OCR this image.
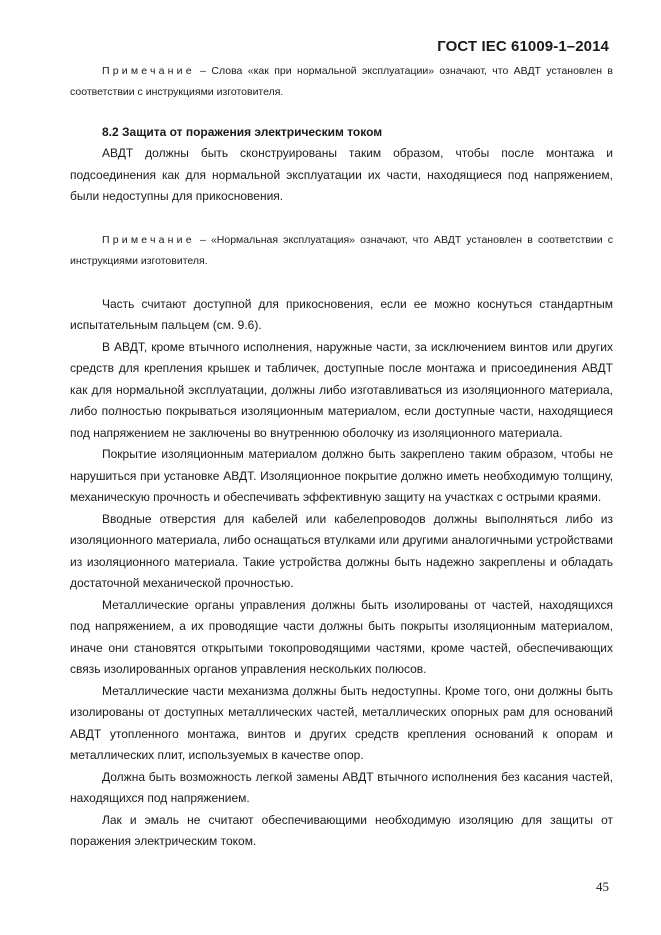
ГОСТ IEC 61009-1–2014

Примечание – Слова «как при нормальной эксплуатации» означают, что АВДТ установлен в соответствии с инструкциями изготовителя.

8.2 Защита от поражения электрическим током

АВДТ должны быть сконструированы таким образом, чтобы после монтажа и подсоединения как для нормальной эксплуатации их части, находящиеся под напряжением, были недоступны для прикосновения.

Примечание – «Нормальная эксплуатация» означают, что АВДТ установлен в соответствии с инструкциями изготовителя.

Часть считают доступной для прикосновения, если ее можно коснуться стандартным испытательным пальцем (см. 9.6).

В АВДТ, кроме втычного исполнения, наружные части, за исключением винтов или других средств для крепления крышек и табличек, доступные после монтажа и присоединения АВДТ как для нормальной эксплуатации, должны либо изготавливаться из изоляционного материала, либо полностью покрываться изоляционным материалом, если доступные части, находящиеся под напряжением не заключены во внутреннюю оболочку из изоляционного материала.

Покрытие изоляционным материалом должно быть закреплено таким образом, чтобы не нарушиться при установке АВДТ. Изоляционное покрытие должно иметь необходимую толщину, механическую прочность и обеспечивать эффективную защиту на участках с острыми краями.

Вводные отверстия для кабелей или кабелепроводов должны выполняться либо из изоляционного материала, либо оснащаться втулками или другими аналогичными устройствами из изоляционного материала. Такие устройства должны быть надежно закреплены и обладать достаточной механической прочностью.

Металлические органы управления должны быть изолированы от частей, находящихся под напряжением, а их проводящие части должны быть покрыты изоляционным материалом, иначе они становятся открытыми токопроводящими частями, кроме частей, обеспечивающих связь изолированных органов управления нескольких полюсов.

Металлические части механизма должны быть недоступны. Кроме того, они должны быть изолированы от доступных металлических частей, металлических опорных рам для оснований АВДТ утопленного монтажа, винтов и других средств крепления оснований к опорам и металлических плит, используемых в качестве опор.

Должна быть возможность легкой замены АВДТ втычного исполнения без касания частей, находящихся под напряжением.

Лак и эмаль не считают обеспечивающими необходимую изоляцию для защиты от поражения электрическим током.

45
